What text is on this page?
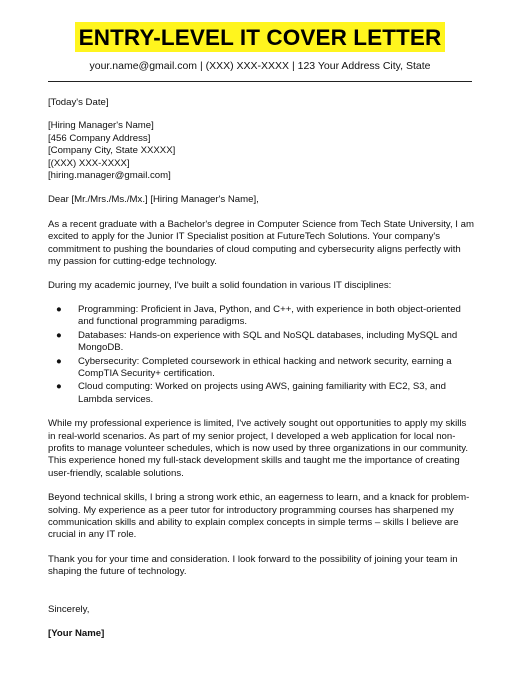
ENTRY-LEVEL IT COVER LETTER
your.name@gmail.com | (XXX) XXX-XXXX | 123 Your Address City, State
[Today's Date]
[Hiring Manager's Name]
[456 Company Address]
[Company City, State XXXXX]
[(XXX) XXX-XXXX]
[hiring.manager@gmail.com]
Dear [Mr./Mrs./Ms./Mx.] [Hiring Manager's Name],

As a recent graduate with a Bachelor's degree in Computer Science from Tech State University, I am excited to apply for the Junior IT Specialist position at FutureTech Solutions. Your company's commitment to pushing the boundaries of cloud computing and cybersecurity aligns perfectly with my passion for cutting-edge technology.

During my academic journey, I've built a solid foundation in various IT disciplines:

● Programming: Proficient in Java, Python, and C++, with experience in both object-oriented and functional programming paradigms.
● Databases: Hands-on experience with SQL and NoSQL databases, including MySQL and MongoDB.
● Cybersecurity: Completed coursework in ethical hacking and network security, earning a CompTIA Security+ certification.
● Cloud computing: Worked on projects using AWS, gaining familiarity with EC2, S3, and Lambda services.

While my professional experience is limited, I've actively sought out opportunities to apply my skills in real-world scenarios. As part of my senior project, I developed a web application for local non-profits to manage volunteer schedules, which is now used by three organizations in our community. This experience honed my full-stack development skills and taught me the importance of creating user-friendly, scalable solutions.

Beyond technical skills, I bring a strong work ethic, an eagerness to learn, and a knack for problem-solving. My experience as a peer tutor for introductory programming courses has sharpened my communication skills and ability to explain complex concepts in simple terms – skills I believe are crucial in any IT role.

Thank you for your time and consideration. I look forward to the possibility of joining your team in shaping the future of technology.

Sincerely,
[Your Name]
